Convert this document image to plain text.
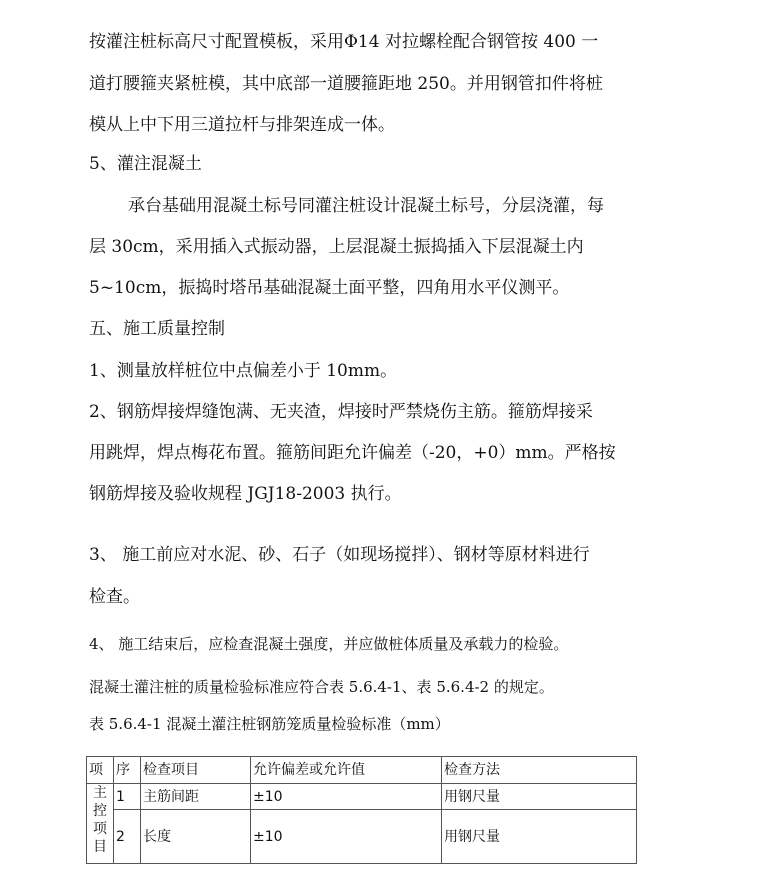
按灌注桩标高尺寸配置模板，采用Φ14 对拉螺栓配合钢管按 400 一
道打腰箍夹紧桩模，其中底部一道腰箍距地 250。并用钢管扣件将桩
模从上中下用三道拉杆与排架连成一体。
5、灌注混凝土
承台基础用混凝土标号同灌注桩设计混凝土标号，分层浇灌，每
层 30cm，采用插入式振动器，上层混凝土振捣插入下层混凝土内
5~10cm，振捣时塔吊基础混凝土面平整，四角用水平仪测平。
五、施工质量控制
1、测量放样桩位中点偏差小于 10mm。
2、钢筋焊接焊缝饱满、无夹渣，焊接时严禁烧伤主筋。箍筋焊接采
用跳焊，焊点梅花布置。箍筋间距允许偏差（-20，+0）mm。严格按
钢筋焊接及验收规程 JGJ18-2003 执行。
3、 施工前应对水泥、砂、石子（如现场搅拌）、钢材等原材料进行
检查。
4、 施工结束后，应检查混凝土强度，并应做桩体质量及承载力的检验。
混凝土灌注桩的质量检验标准应符合表 5.6.4-1、表 5.6.4-2 的规定。
表 5.6.4-1 混凝土灌注桩钢筋笼质量检验标准（mm）
项	序	检查项目	允许偏差或允许值	检查方法

主
控
项
目	1	主筋间距	±10	用钢尺量
	2	长度	±10	用钢尺量
